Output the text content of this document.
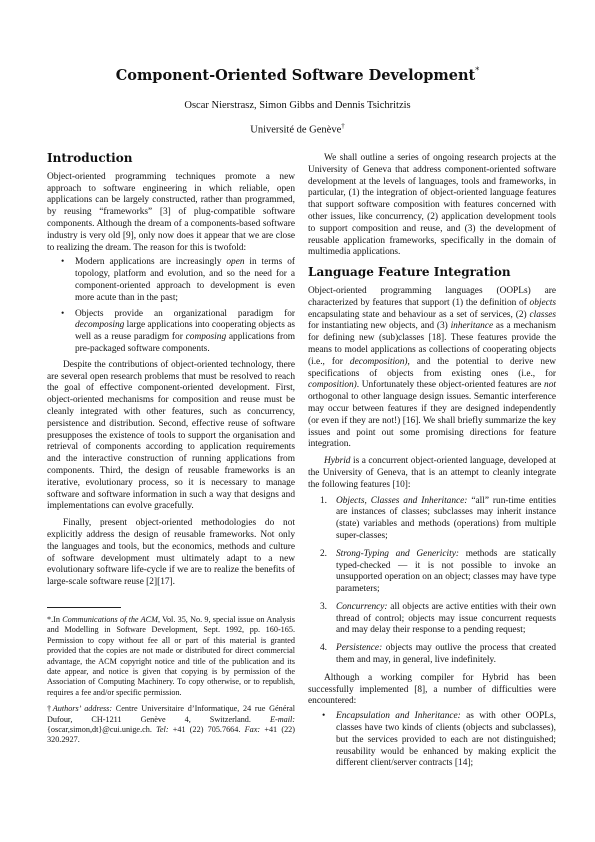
Component-Oriented Software Development*
Oscar Nierstrasz, Simon Gibbs and Dennis Tsichritzis
Université de Genève†
Introduction

Object-oriented programming techniques promote a new approach to software engineering in which reliable, open applications can be largely constructed, rather than programmed, by reusing “frameworks” [3] of plug-compatible software components. Although the dream of a components-based software industry is very old [9], only now does it appear that we are close to realizing the dream. The reason for this is twofold:

• Modern applications are increasingly open in terms of topology, platform and evolution, and so the need for a component-oriented approach to development is even more acute than in the past;
• Objects provide an organizational paradigm for decomposing large applications into cooperating objects as well as a reuse paradigm for composing applications from pre-packaged software components.

Despite the contributions of object-oriented technology, there are several open research problems that must be resolved to reach the goal of effective component-oriented development. First, object-oriented mechanisms for composition and reuse must be cleanly integrated with other features, such as concurrency, persistence and distribution. Second, effective reuse of software presupposes the existence of tools to support the organisation and retrieval of components according to application requirements and the interactive construction of running applications from components. Third, the design of reusable frameworks is an iterative, evolutionary process, so it is necessary to manage software and software information in such a way that designs and implementations can evolve gracefully.

Finally, present object-oriented methodologies do not explicitly address the design of reusable frameworks. Not only the languages and tools, but the economics, methods and culture of software development must ultimately adapt to a new evolutionary software life-cycle if we are to realize the benefits of large-scale software reuse [2][17].

*.In Communications of the ACM, Vol. 35, No. 9, special issue on Analysis and Modelling in Software Development, Sept. 1992, pp. 160-165. Permission to copy without fee all or part of this material is granted provided that the copies are not made or distributed for direct commercial advantage, the ACM copyright notice and title of the publication and its date appear, and notice is given that copying is by permission of the Association of Computing Machinery. To copy otherwise, or to republish, requires a fee and/or specific permission.

†Authors’ address: Centre Universitaire d’Informatique, 24 rue Général Dufour, CH-1211 Genève 4, Switzerland. E-mail: {oscar,simon,dt}@cui.unige.ch. Tel: +41 (22) 705.7664. Fax: +41 (22) 320.2927.

We shall outline a series of ongoing research projects at the University of Geneva that address component-oriented software development at the levels of languages, tools and frameworks, in particular, (1) the integration of object-oriented language features that support software composition with features concerned with other issues, like concurrency, (2) application development tools to support composition and reuse, and (3) the development of reusable application frameworks, specifically in the domain of multimedia applications.

Language Feature Integration

Object-oriented programming languages (OOPLs) are characterized by features that support (1) the definition of objects encapsulating state and behaviour as a set of services, (2) classes for instantiating new objects, and (3) inheritance as a mechanism for defining new (sub)classes [18]. These features provide the means to model applications as collections of cooperating objects (i.e., for decomposition), and the potential to derive new specifications of objects from existing ones (i.e., for composition). Unfortunately these object-oriented features are not orthogonal to other language design issues. Semantic interference may occur between features if they are designed independently (or even if they are not!) [16]. We shall briefly summarize the key issues and point out some promising directions for feature integration.

Hybrid is a concurrent object-oriented language, developed at the University of Geneva, that is an attempt to cleanly integrate the following features [10]:

1. Objects, Classes and Inheritance: “all” run-time entities are instances of classes; subclasses may inherit instance (state) variables and methods (operations) from multiple super-classes;
2. Strong-Typing and Genericity: methods are statically typed-checked — it is not possible to invoke an unsupported operation on an object; classes may have type parameters;
3. Concurrency: all objects are active entities with their own thread of control; objects may issue concurrent requests and may delay their response to a pending request;
4. Persistence: objects may outlive the process that created them and may, in general, live indefinitely.

Although a working compiler for Hybrid has been successfully implemented [8], a number of difficulties were encountered:

• Encapsulation and Inheritance: as with other OOPLs, classes have two kinds of clients (objects and subclasses), but the services provided to each are not distinguished; reusability would be enhanced by making explicit the different client/server contracts [14];
